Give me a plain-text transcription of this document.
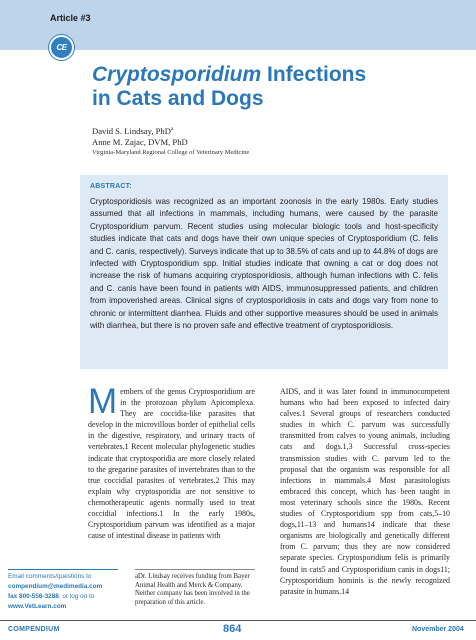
Article #3
CE
Cryptosporidium Infections
in Cats and Dogs
David S. Lindsay, PhD$^a$
Anne M. Zajac, DVM, PhD
Virginia-Maryland Regional College of Veterinary Medicine
ABSTRACT:
Cryptosporidiosis was recognized as an important zoonosis in the early 1980s. Early studies assumed that all infections in mammals, including humans, were caused by the parasite Cryptosporidium parvum. Recent studies using molecular biologic tools and host-specificity studies indicate that cats and dogs have their own unique species of Cryptosporidium (C. felis and C. canis, respectively). Surveys indicate that up to 38.5% of cats and up to 44.8% of dogs are infected with Cryptosporidium spp. Initial studies indicate that owning a cat or dog does not increase the risk of humans acquiring cryptosporidiosis, although human infections with C. felis and C. canis have been found in patients with AIDS, immunosuppressed patients, and children from impoverished areas. Clinical signs of cryptosporidiosis in cats and dogs vary from none to chronic or intermittent diarrhea. Fluids and other supportive measures should be used in animals with diarrhea, but there is no proven safe and effective treatment of cryptosporidiosis.
Members of the genus Cryptosporidium are in the protozoan phylum Apicomplexa. They are coccidia-like parasites that develop in the microvillous border of epithelial cells in the digestive, respiratory, and urinary tracts of vertebrates.1 Recent molecular phylogenetic studies indicate that cryptosporidia are more closely related to the gregarine parasites of invertebrates than to the true coccidial parasites of vertebrates.2 This may explain why cryptosporidia are not sensitive to chemotherapeutic agents normally used to treat coccidial infections.1 In the early 1980s, Cryptosporidium parvum was identified as a major cause of intestinal disease in patients with
AIDS, and it was later found in immunocompetent humans who had been exposed to infected dairy calves.1 Several groups of researchers conducted studies in which C. parvum was successfully transmitted from calves to young animals, including cats and dogs.1,3 Successful cross-species transmission studies with C. parvum led to the proposal that the organism was responsible for all infections in mammals.4 Most parasitologists embraced this concept, which has been taught in most veterinary schools since the 1980s. Recent studies of Cryptosporidium spp from cats,5–10 dogs,11–13 and humans14 indicate that these organisms are biologically and genetically different from C. parvum; thus they are now considered separate species. Cryptosporidium felis is primarily found in cats5 and Cryptosporidium canis in dogs11; Cryptosporidium hominis is the newly recognized parasite in humans.14
aDr. Lindsay receives funding from Bayer Animal Health and Merck & Company. Neither company has been involved in the preparation of this article.
Email comments/questions to
compendium@medimedia.com
fax 800-556-3288, or log on to
www.VetLearn.com
COMPENDIUM	864	November 2004
